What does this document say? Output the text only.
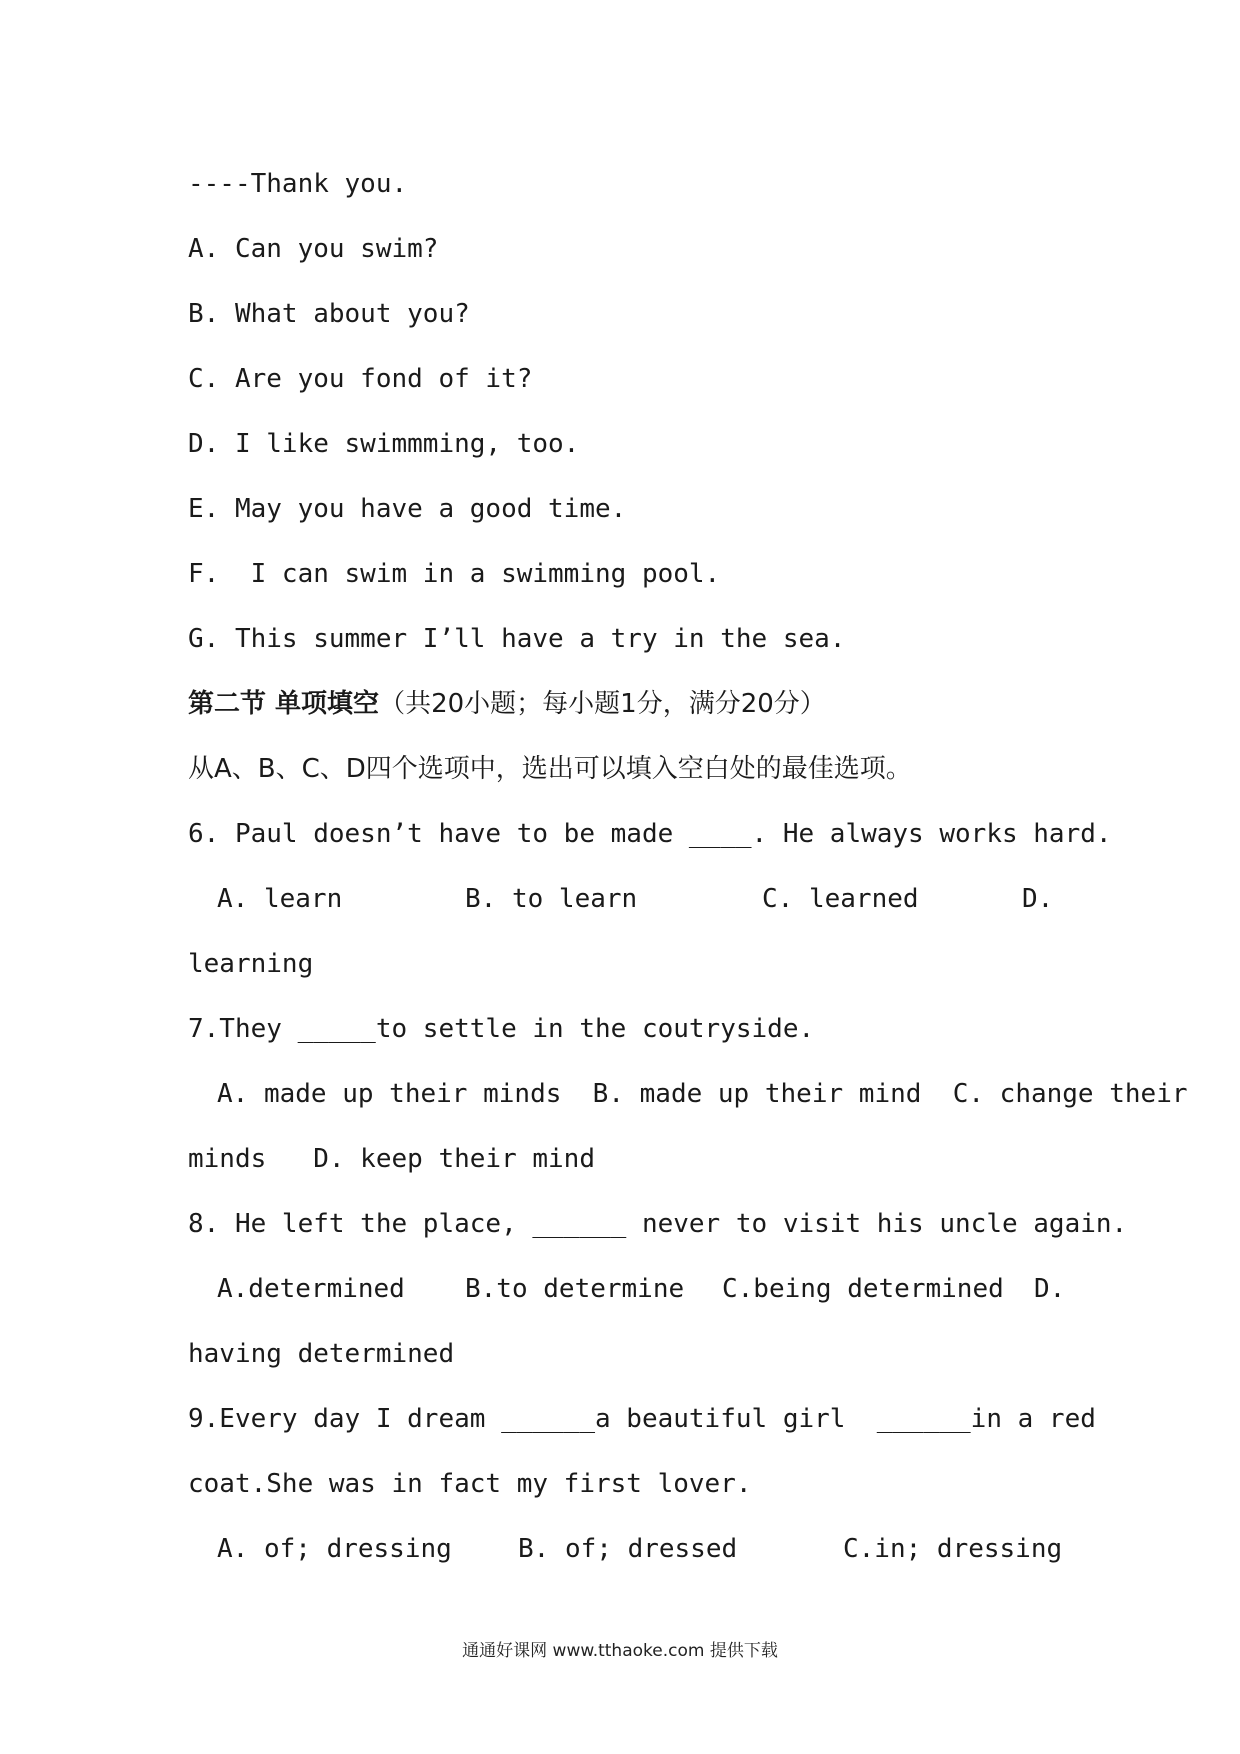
----Thank you.
A. Can you swim?
B. What about you?
C. Are you fond of it?
D. I like swimmming, too.
E. May you have a good time.
F.  I can swim in a swimming pool.
G. This summer I’ll have a try in the sea.
第二节 单项填空（共20小题；每小题1分，满分20分）
从A、B、C、D四个选项中，选出可以填入空白处的最佳选项。
6. Paul doesn’t have to be made ____. He always works hard.
A. learn	B. to learn	C. learned	D.
learning
7.They _____to settle in the coutryside.
A. made up their minds  B. made up their mind  C. change their
minds   D. keep their mind
8. He left the place, ______ never to visit his uncle again.
A.determined B.to determine C.being determined D.
having determined
9.Every day I dream ______a beautiful girl  ______in a red
coat.She was in fact my first lover.
A. of; dressing	B. of; dressed	C.in; dressing
通通好课网 www.tthaoke.com 提供下载
